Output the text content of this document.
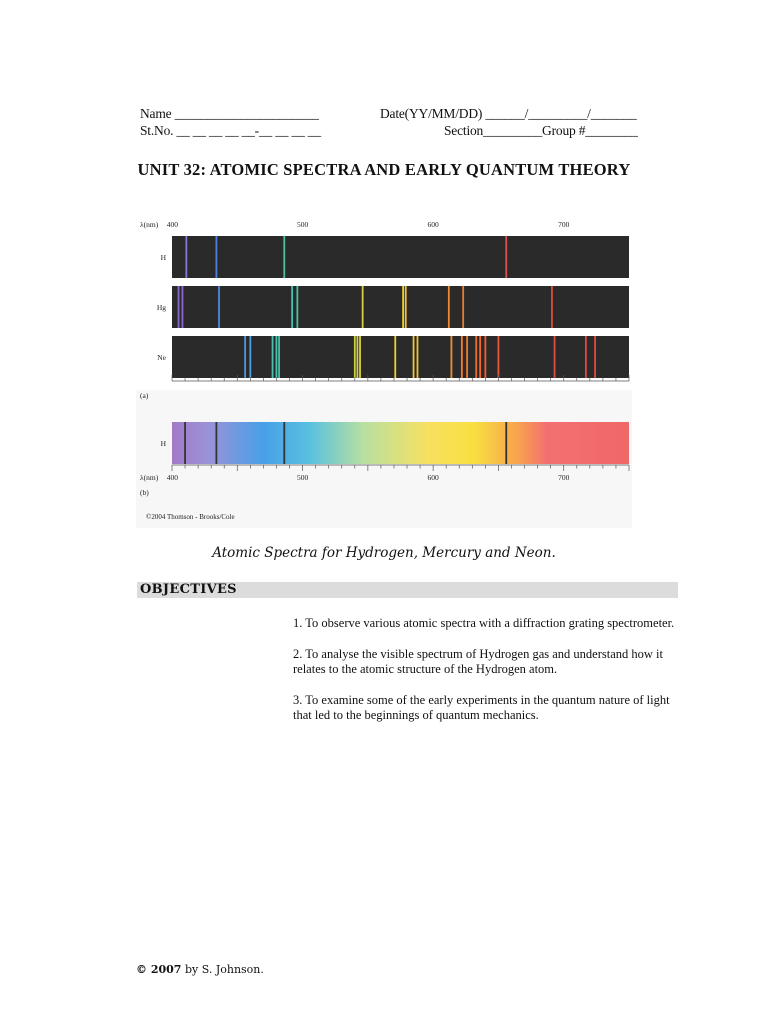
Name ______________________	Date(YY/MM/DD) ______/_________/_______
St.No. __ __ __ __ __-__ __ __ __	Section_________Group #________
UNIT 32: ATOMIC SPECTRA AND EARLY QUANTUM THEORY
λ(nm) 400	500	600	700
H
Hg
Ne
(a)
H
λ(nm) 400	500	600	700
(b)
©2004 Thomson - Brooks/Cole
Atomic Spectra for Hydrogen, Mercury and Neon.
OBJECTIVES

1. To observe various atomic spectra with a diffraction grating spectrometer.

2. To analyse the visible spectrum of Hydrogen gas and understand how it relates to the atomic structure of the Hydrogen atom.

3. To examine some of the early experiments in the quantum nature of light that led to the beginnings of quantum mechanics.

© 2007 by S. Johnson.
